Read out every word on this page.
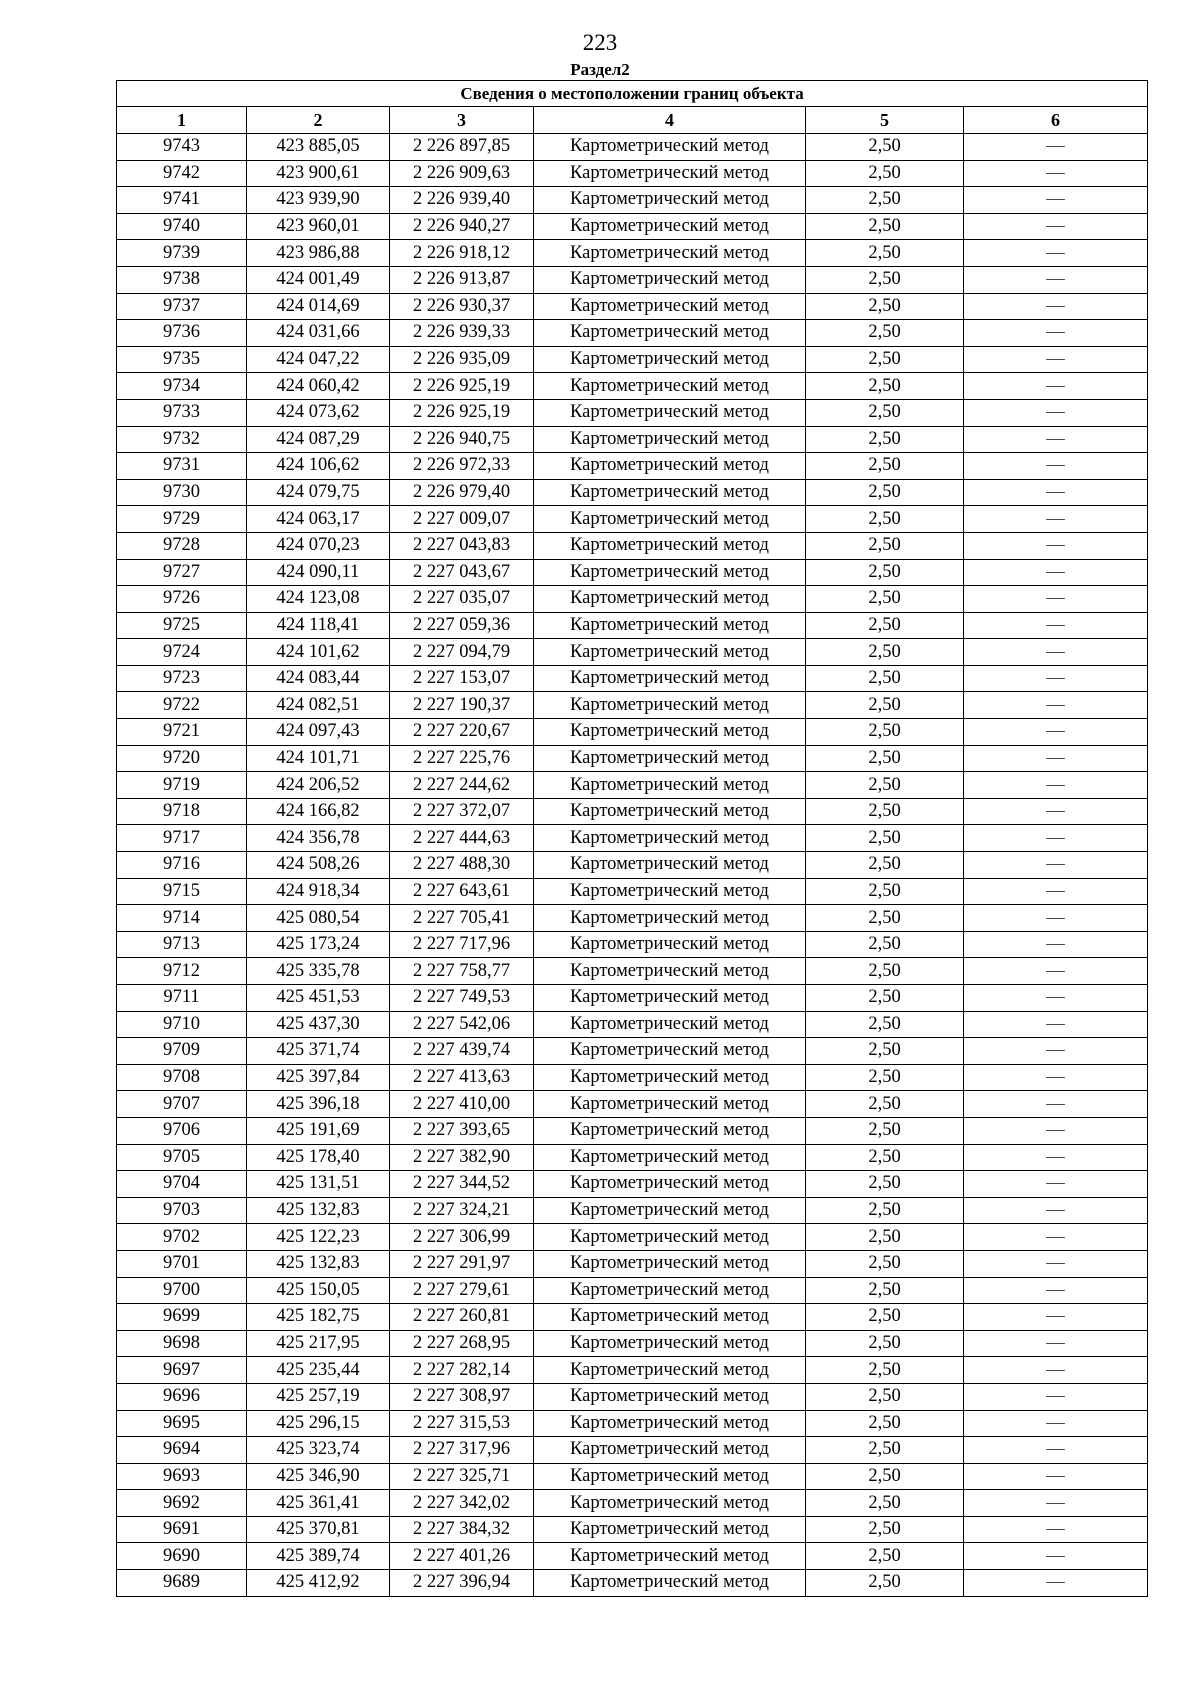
223
Раздел2
Сведения о местоположении границ объекта					
1	2	3	4	5	6
9743	423 885,05	2 226 897,85	Картометрический метод	2,50	—
9742	423 900,61	2 226 909,63	Картометрический метод	2,50	—
9741	423 939,90	2 226 939,40	Картометрический метод	2,50	—
9740	423 960,01	2 226 940,27	Картометрический метод	2,50	—
9739	423 986,88	2 226 918,12	Картометрический метод	2,50	—
9738	424 001,49	2 226 913,87	Картометрический метод	2,50	—
9737	424 014,69	2 226 930,37	Картометрический метод	2,50	—
9736	424 031,66	2 226 939,33	Картометрический метод	2,50	—
9735	424 047,22	2 226 935,09	Картометрический метод	2,50	—
9734	424 060,42	2 226 925,19	Картометрический метод	2,50	—
9733	424 073,62	2 226 925,19	Картометрический метод	2,50	—
9732	424 087,29	2 226 940,75	Картометрический метод	2,50	—
9731	424 106,62	2 226 972,33	Картометрический метод	2,50	—
9730	424 079,75	2 226 979,40	Картометрический метод	2,50	—
9729	424 063,17	2 227 009,07	Картометрический метод	2,50	—
9728	424 070,23	2 227 043,83	Картометрический метод	2,50	—
9727	424 090,11	2 227 043,67	Картометрический метод	2,50	—
9726	424 123,08	2 227 035,07	Картометрический метод	2,50	—
9725	424 118,41	2 227 059,36	Картометрический метод	2,50	—
9724	424 101,62	2 227 094,79	Картометрический метод	2,50	—
9723	424 083,44	2 227 153,07	Картометрический метод	2,50	—
9722	424 082,51	2 227 190,37	Картометрический метод	2,50	—
9721	424 097,43	2 227 220,67	Картометрический метод	2,50	—
9720	424 101,71	2 227 225,76	Картометрический метод	2,50	—
9719	424 206,52	2 227 244,62	Картометрический метод	2,50	—
9718	424 166,82	2 227 372,07	Картометрический метод	2,50	—
9717	424 356,78	2 227 444,63	Картометрический метод	2,50	—
9716	424 508,26	2 227 488,30	Картометрический метод	2,50	—
9715	424 918,34	2 227 643,61	Картометрический метод	2,50	—
9714	425 080,54	2 227 705,41	Картометрический метод	2,50	—
9713	425 173,24	2 227 717,96	Картометрический метод	2,50	—
9712	425 335,78	2 227 758,77	Картометрический метод	2,50	—
9711	425 451,53	2 227 749,53	Картометрический метод	2,50	—
9710	425 437,30	2 227 542,06	Картометрический метод	2,50	—
9709	425 371,74	2 227 439,74	Картометрический метод	2,50	—
9708	425 397,84	2 227 413,63	Картометрический метод	2,50	—
9707	425 396,18	2 227 410,00	Картометрический метод	2,50	—
9706	425 191,69	2 227 393,65	Картометрический метод	2,50	—
9705	425 178,40	2 227 382,90	Картометрический метод	2,50	—
9704	425 131,51	2 227 344,52	Картометрический метод	2,50	—
9703	425 132,83	2 227 324,21	Картометрический метод	2,50	—
9702	425 122,23	2 227 306,99	Картометрический метод	2,50	—
9701	425 132,83	2 227 291,97	Картометрический метод	2,50	—
9700	425 150,05	2 227 279,61	Картометрический метод	2,50	—
9699	425 182,75	2 227 260,81	Картометрический метод	2,50	—
9698	425 217,95	2 227 268,95	Картометрический метод	2,50	—
9697	425 235,44	2 227 282,14	Картометрический метод	2,50	—
9696	425 257,19	2 227 308,97	Картометрический метод	2,50	—
9695	425 296,15	2 227 315,53	Картометрический метод	2,50	—
9694	425 323,74	2 227 317,96	Картометрический метод	2,50	—
9693	425 346,90	2 227 325,71	Картометрический метод	2,50	—
9692	425 361,41	2 227 342,02	Картометрический метод	2,50	—
9691	425 370,81	2 227 384,32	Картометрический метод	2,50	—
9690	425 389,74	2 227 401,26	Картометрический метод	2,50	—
9689	425 412,92	2 227 396,94	Картометрический метод	2,50	—
